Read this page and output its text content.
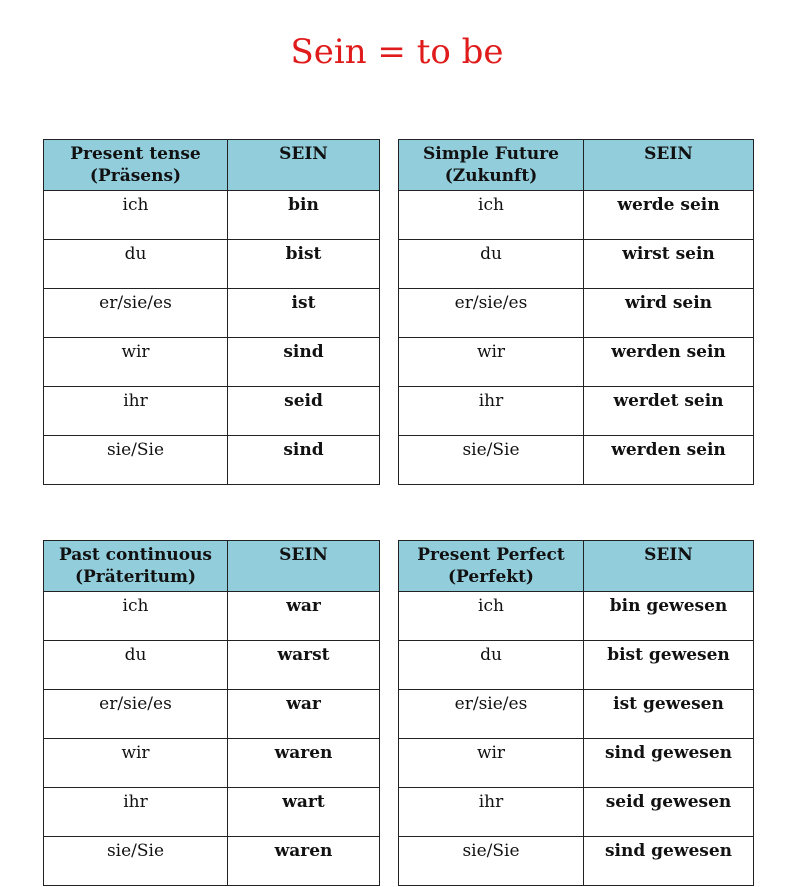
Sein = to be
Present tense
(Präsens)	SEIN
ich	bin
du	bist
er/sie/es	ist
wir	sind
ihr	seid
sie/Sie	sind
Simple Future
(Zukunft)	SEIN
ich	werde sein
du	wirst sein
er/sie/es	wird sein
wir	werden sein
ihr	werdet sein
sie/Sie	werden sein
Past continuous
(Präteritum)	SEIN
ich	war
du	warst
er/sie/es	war
wir	waren
ihr	wart
sie/Sie	waren
Present Perfect
(Perfekt)	SEIN
ich	bin gewesen
du	bist gewesen
er/sie/es	ist gewesen
wir	sind gewesen
ihr	seid gewesen
sie/Sie	sind gewesen
